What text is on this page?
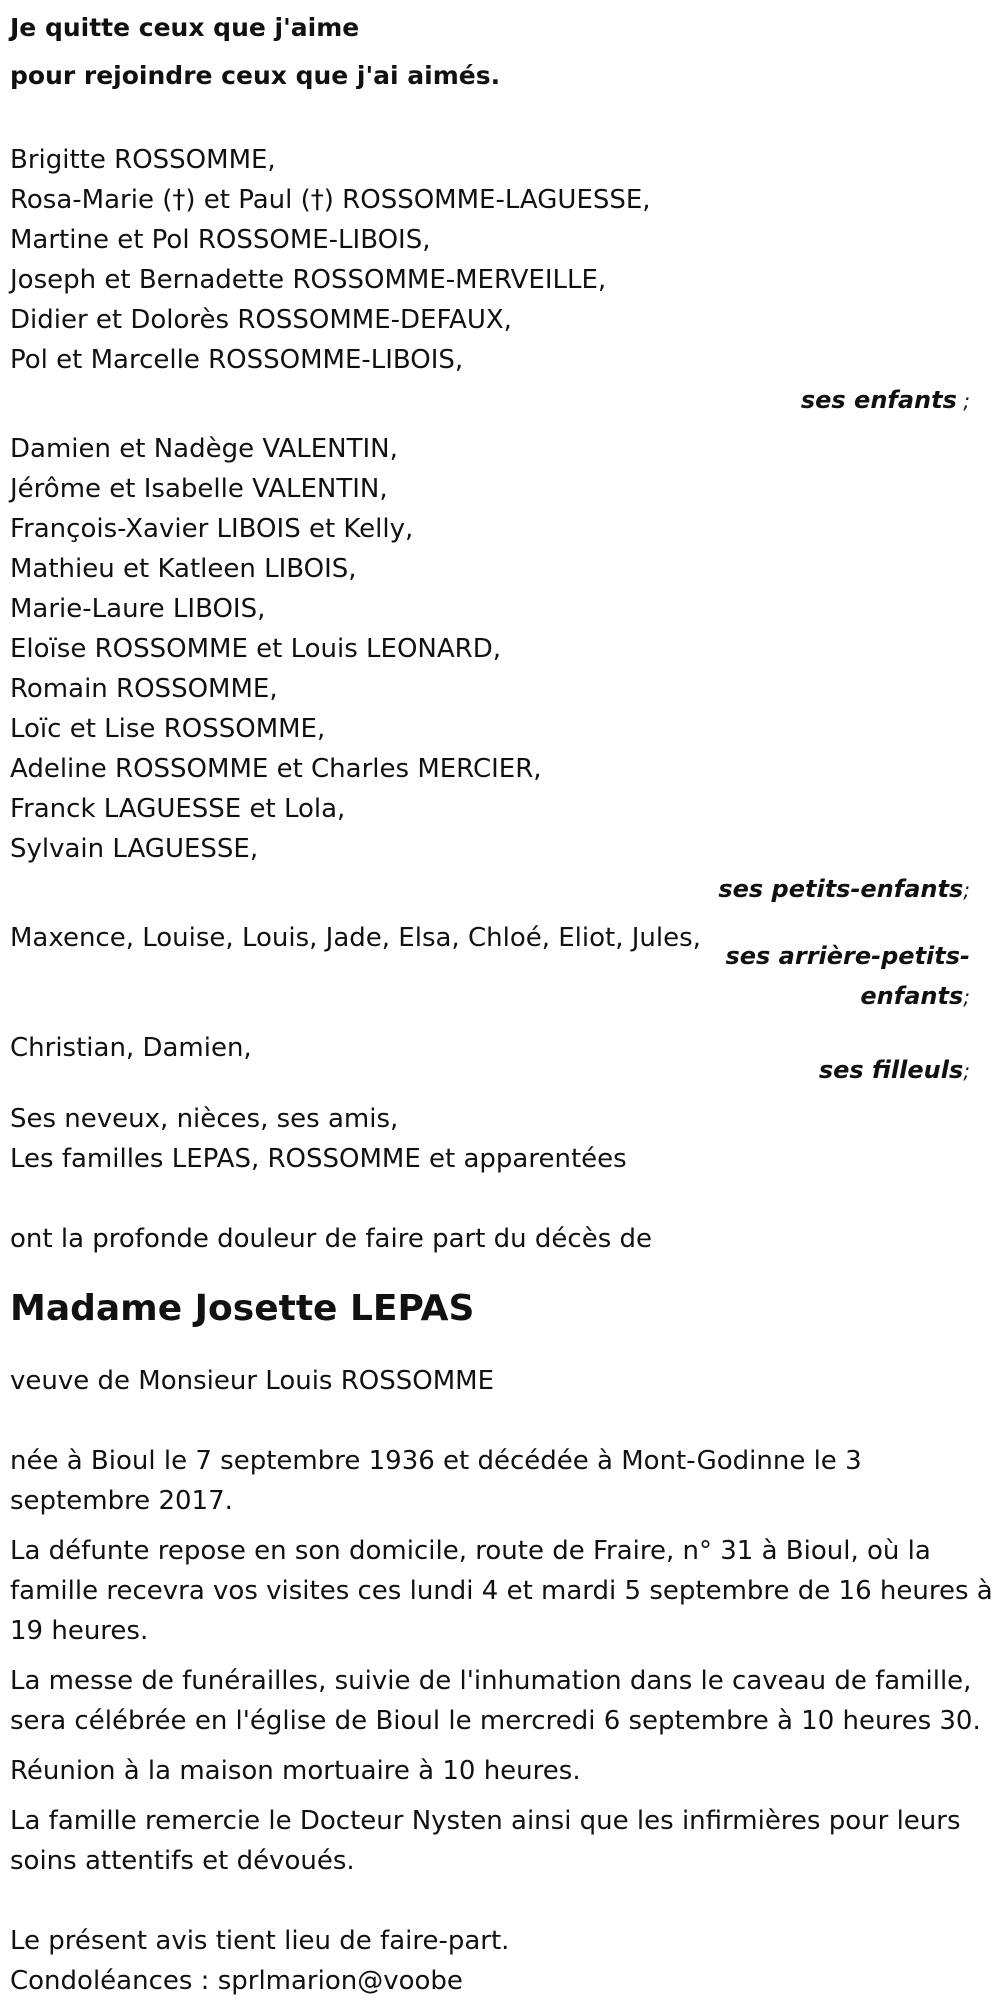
Je quitte ceux que j'aime

pour rejoindre ceux que j'ai aimés.

Brigitte ROSSOMME,

Rosa-Marie (†) et Paul (†) ROSSOMME-LAGUESSE,

Martine et Pol ROSSOME-LIBOIS,

Joseph et Bernadette ROSSOMME-MERVEILLE,

Didier et Dolorès ROSSOMME-DEFAUX,

Pol et Marcelle ROSSOMME-LIBOIS,

ses enfants ;

Damien et Nadège VALENTIN,

Jérôme et Isabelle VALENTIN,

François-Xavier LIBOIS et Kelly,

Mathieu et Katleen LIBOIS,

Marie-Laure LIBOIS,

Eloïse ROSSOMME et Louis LEONARD,

Romain ROSSOMME,

Loïc et Lise ROSSOMME,

Adeline ROSSOMME et Charles MERCIER,

Franck LAGUESSE et Lola,

Sylvain LAGUESSE,

ses petits-enfants;

Maxence, Louise, Louis, Jade, Elsa, Chloé, Eliot, Jules,

ses arrière-petits-
enfants;

Christian, Damien,

ses filleuls;

Ses neveux, nièces, ses amis,

Les familles LEPAS, ROSSOMME et apparentées

ont la profonde douleur de faire part du décès de

Madame Josette LEPAS

veuve de Monsieur Louis ROSSOMME

née à Bioul le 7 septembre 1936 et décédée à Mont-Godinne le 3 septembre 2017.

La défunte repose en son domicile, route de Fraire, n° 31 à Bioul, où la famille recevra vos visites ces lundi 4 et mardi 5 septembre de 16 heures à 19 heures.

La messe de funérailles, suivie de l'inhumation dans le caveau de famille, sera célébrée en l'église de Bioul le mercredi 6 septembre à 10 heures 30.

Réunion à la maison mortuaire à 10 heures.

La famille remercie le Docteur Nysten ainsi que les infirmières pour leurs soins attentifs et dévoués.

Le présent avis tient lieu de faire-part.

Condoléances : sprlmarion@voobe
